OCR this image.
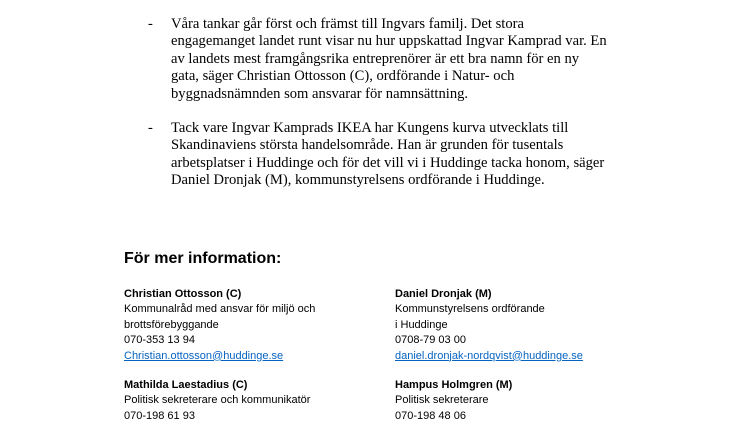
- Våra tankar går först och främst till Ingvars familj. Det stora
engagemanget landet runt visar nu hur uppskattad Ingvar Kamprad var. En
av landets mest framgångsrika entreprenörer är ett bra namn för en ny
gata, säger Christian Ottosson (C), ordförande i Natur- och
byggnadsnämnden som ansvarar för namnsättning.
- Tack vare Ingvar Kamprads IKEA har Kungens kurva utvecklats till
Skandinaviens största handelsområde. Han är grunden för tusentals
arbetsplatser i Huddinge och för det vill vi i Huddinge tacka honom, säger
Daniel Dronjak (M), kommunstyrelsens ordförande i Huddinge.
För mer information:
Christian Ottosson (C)
Kommunalråd med ansvar för miljö och
brottsförebyggande
070-353 13 94
Christian.ottosson@huddinge.se
Daniel Dronjak (M)
Kommunstyrelsens ordförande
i Huddinge
0708-79 03 00
daniel.dronjak-nordqvist@huddinge.se
Mathilda Laestadius (C)
Politisk sekreterare och kommunikatör
070-198 61 93
Hampus Holmgren (M)
Politisk sekreterare
070-198 48 06
